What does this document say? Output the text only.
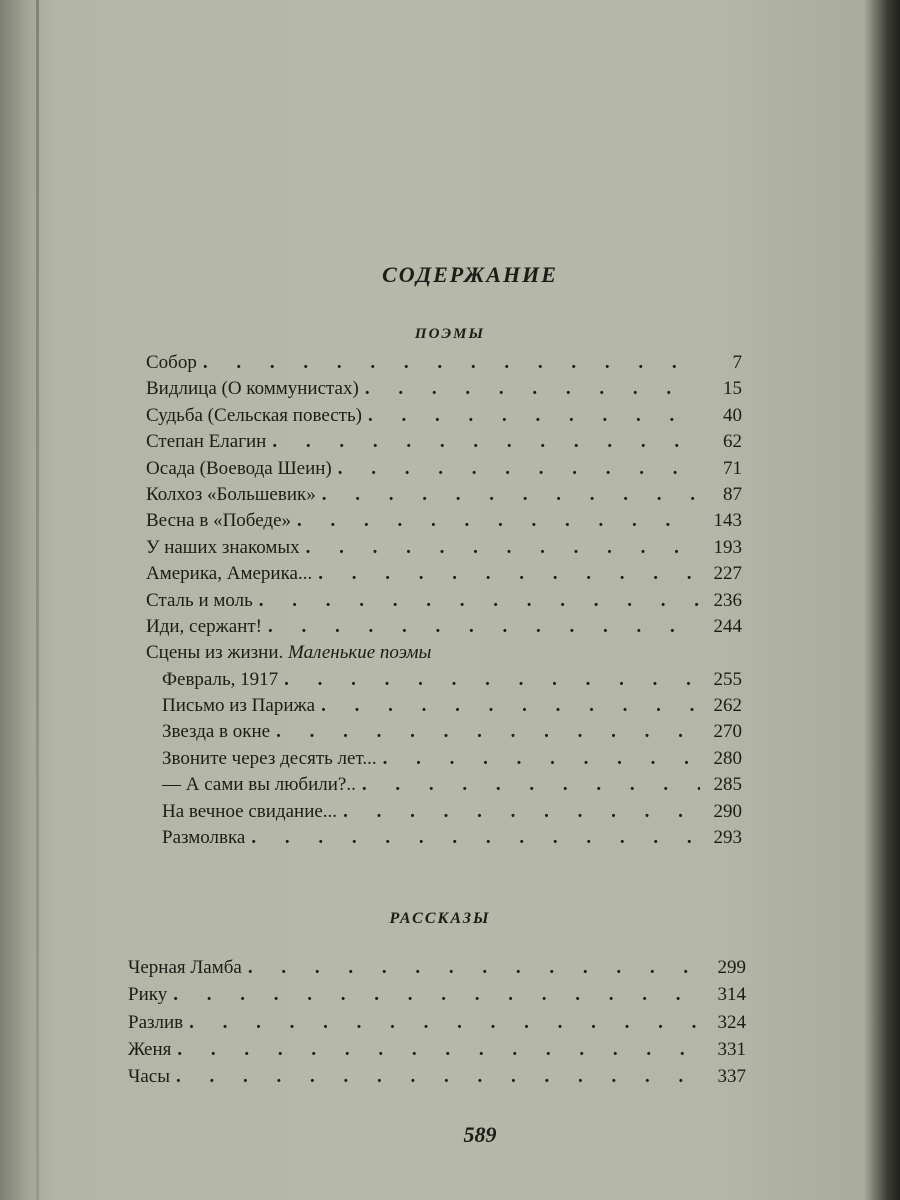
СОДЕРЖАНИЕ
ПОЭМЫ
Собор . . .	7
Видлица (О коммунистах) . . .	15
Судьба (Сельская повесть) . . .	40
Степан Елагин . . .	62
Осада (Воевода Шеин) . . .	71
Колхоз «Большевик» . . .	87
Весна в «Победе» . . .	143
У наших знакомых . . .	193
Америка, Америка... . . .	227
Сталь и моль . . .	236
Иди, сержант! . . .	244
Сцены из жизни. Маленькие поэмы
Февраль, 1917 . . .	255
Письмо из Парижа . . .	262
Звезда в окне . . .	270
Звоните через десять лет... . . .	280
— А сами вы любили?.. . . .	285
На вечное свидание... . . .	290
Размолвка . . .	293
РАССКАЗЫ
Черная Ламба . . .	299
Рику . . .	314
Разлив . . .	324
Женя . . .	331
Часы . . .	337
589
